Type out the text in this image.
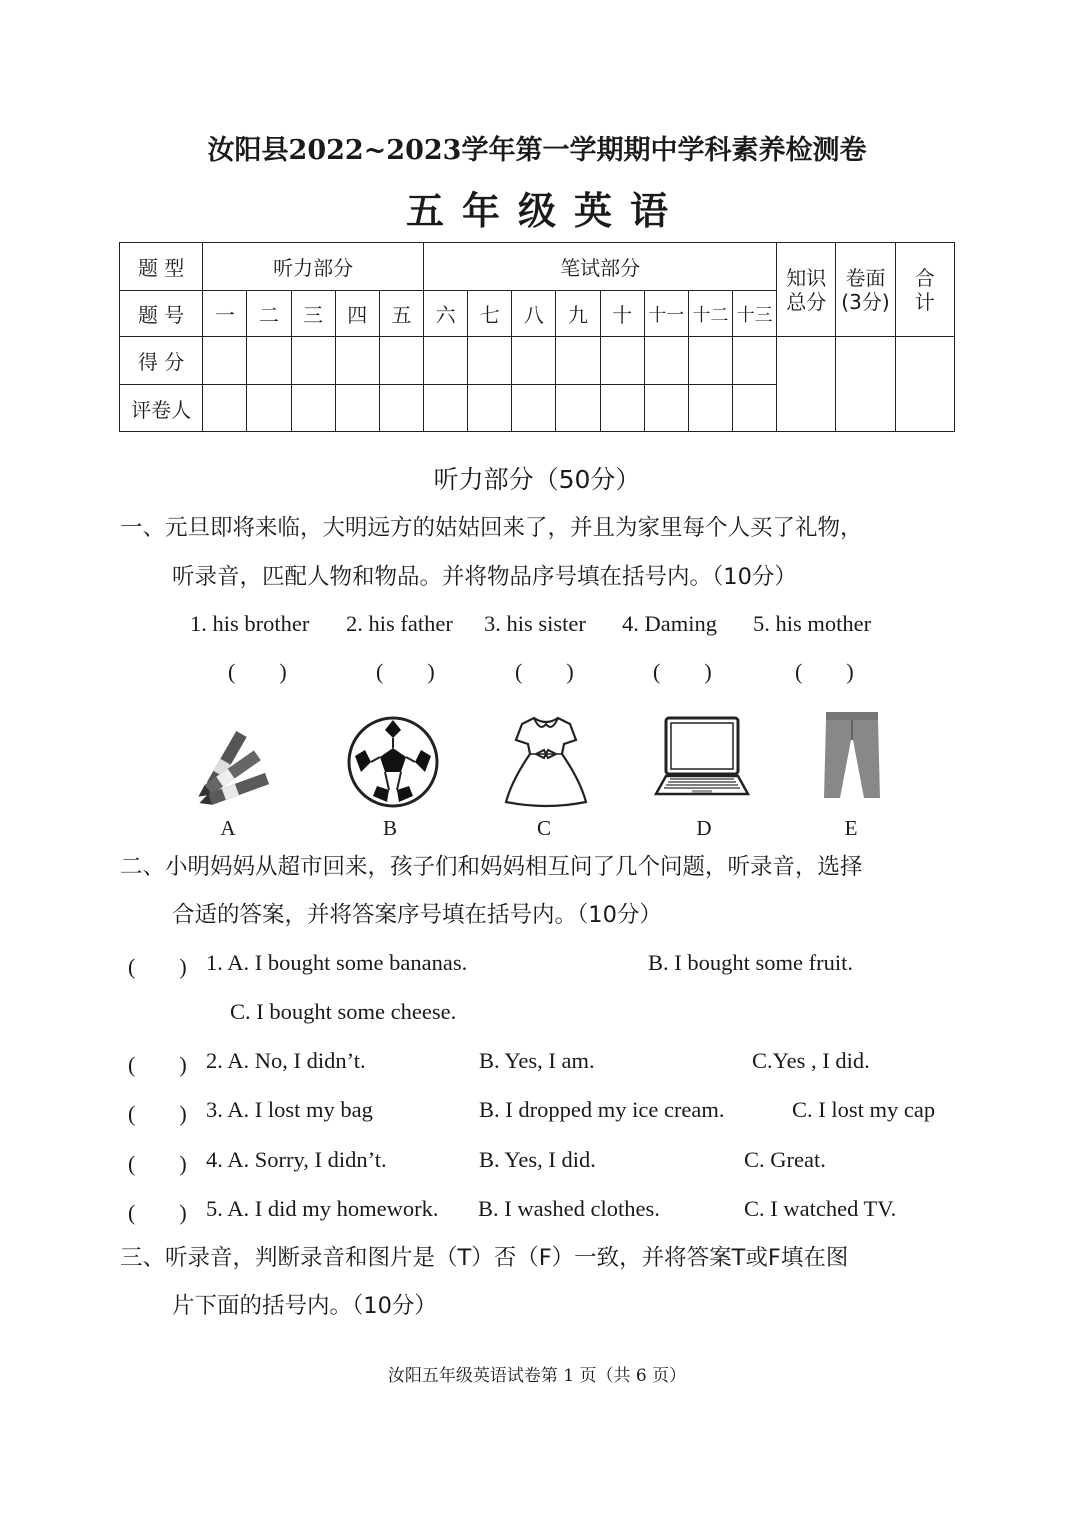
汝阳县2022~2023学年第一学期期中学科素养检测卷
五年级英语
题 型	听力部分					笔试部分								知识总分	卷面(3分)	合计
题 号	一	二	三	四	五	六	七	八	九	十	十一	十二	十三			
得 分																
评卷人																
听力部分（50分）
一、元旦即将来临，大明远方的姑姑回来了，并且为家里每个人买了礼物，
听录音，匹配人物和物品。并将物品序号填在括号内。（10分）
1. his brother 2. his father 3. his sister 4. Daming 5. his mother
(　　)	(　　)	(　　)	(　　)	(　　)
A	B	C	D	E
二、小明妈妈从超市回来，孩子们和妈妈相互问了几个问题，听录音，选择
合适的答案，并将答案序号填在括号内。（10分）
(　　) 1. A. I bought some bananas.	B. I bought some fruit.
C. I bought some cheese.
(　　) 2. A. No, I didn’t.	B. Yes, I am.	C.Yes , I did.
(　　) 3. A. I lost my bag	B. I dropped my ice cream.	C. I lost my cap
(　　) 4. A. Sorry, I didn’t.	B. Yes, I did.	C. Great.
(　　) 5. A. I did my homework. B. I washed clothes.	C. I watched TV.
三、听录音，判断录音和图片是（T）否（F）一致，并将答案T或F填在图
片下面的括号内。（10分）
汝阳五年级英语试卷第 1 页（共 6 页）
